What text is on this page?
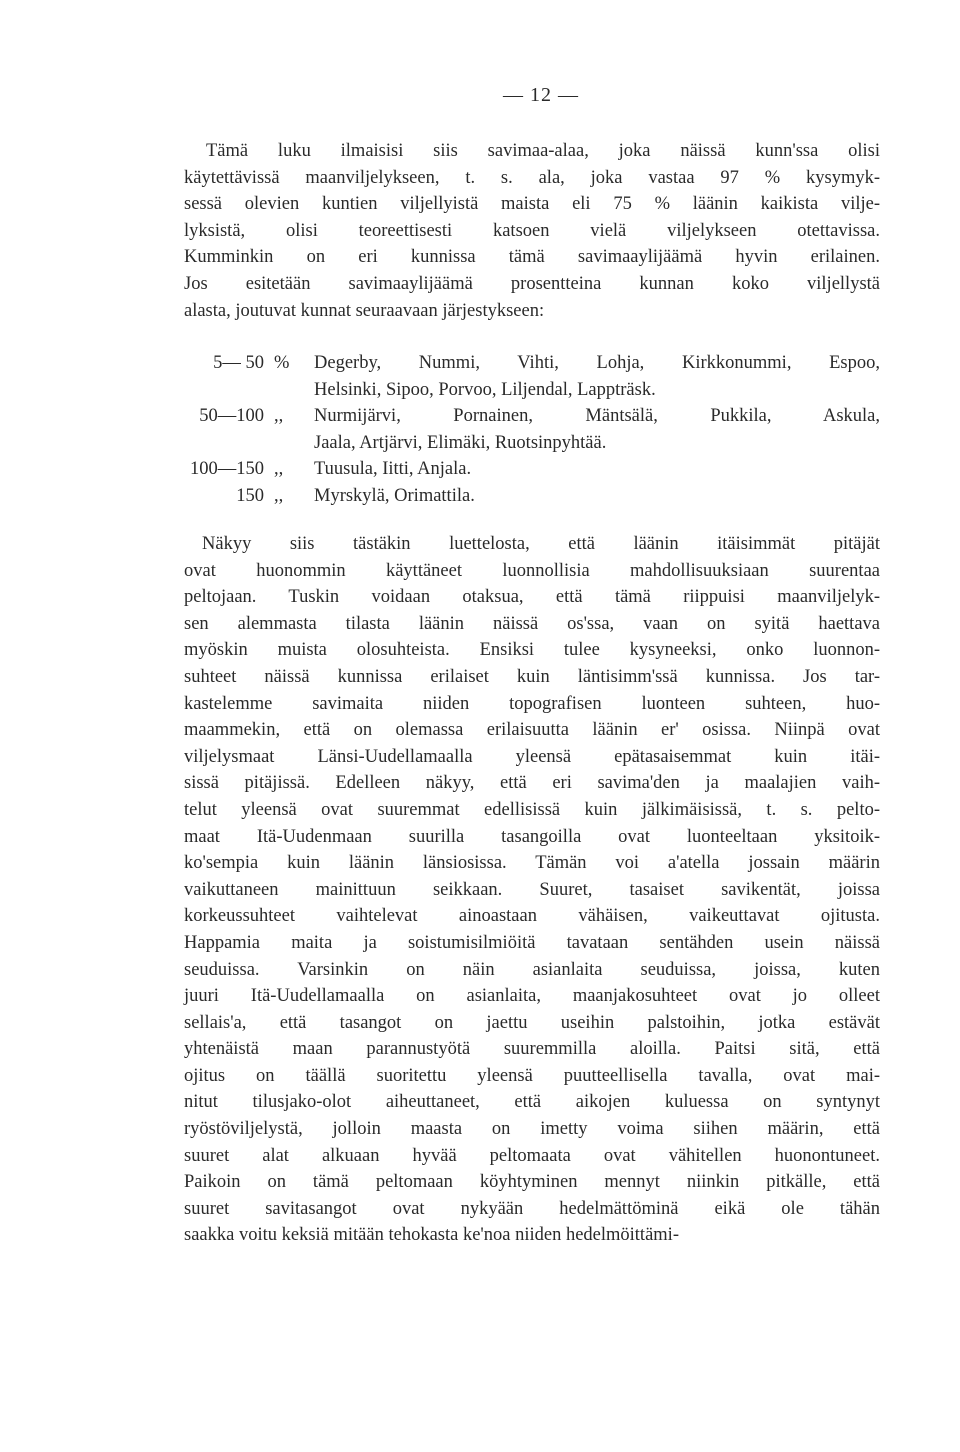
— 12 —
Tämä luku ilmaisisi siis savimaa-alaa, joka näissä kunn'ssa olisi
käytettävissä maanviljelykseen, t. s. ala, joka vastaa 97 % kysymyk-
sessä olevien kuntien viljellyistä maista eli 75 % läänin kaikista vilje-
lyksistä, olisi teoreettisesti katsoen vielä viljelykseen otettavissa.
Kumminkin on eri kunnissa tämä savimaaylijäämä hyvin erilainen.
Jos esitetään savimaaylijäämä prosentteina kunnan koko viljellystä
alasta, joutuvat kunnat seuraavaan järjestykseen:
5— 50 %	Degerby, Nummi, Vihti, Lohja, Kirkkonummi, Espoo,
Helsinki, Sipoo, Porvoo, Liljendal, Lappträsk.
50—100 ,,	Nurmijärvi, Pornainen, Mäntsälä, Pukkila, Askula,
Jaala, Artjärvi, Elimäki, Ruotsinpyhtää.
100—150 ,,	Tuusula, Iitti, Anjala.
150 ,,	Myrskylä, Orimattila.
Näkyy siis tästäkin luettelosta, että läänin itäisimmät pitäjät
ovat huonommin käyttäneet luonnollisia mahdollisuuksiaan suurentaa
peltojaan. Tuskin voidaan otaksua, että tämä riippuisi maanviljelyk-
sen alemmasta tilasta läänin näissä os'ssa, vaan on syitä haettava
myöskin muista olosuhteista. Ensiksi tulee kysyneeksi, onko luonnon-
suhteet näissä kunnissa erilaiset kuin läntisimm'ssä kunnissa. Jos tar-
kastelemme savimaita niiden topografisen luonteen suhteen, huo-
maammekin, että on olemassa erilaisuutta läänin er' osissa. Niinpä ovat
viljelysmaat Länsi-Uudellamaalla yleensä epätasaisemmat kuin itäi-
sissä pitäjissä. Edelleen näkyy, että eri savima'den ja maalajien vaih-
telut yleensä ovat suuremmat edellisissä kuin jälkimäisissä, t. s. pelto-
maat Itä-Uudenmaan suurilla tasangoilla ovat luonteeltaan yksitoik-
ko'sempia kuin läänin länsiosissa. Tämän voi a'atella jossain määrin
vaikuttaneen mainittuun seikkaan. Suuret, tasaiset savikentät, joissa
korkeussuhteet vaihtelevat ainoastaan vähäisen, vaikeuttavat ojitusta.
Happamia maita ja soistumisilmiöitä tavataan sentähden usein näissä
seuduissa. Varsinkin on näin asianlaita seuduissa, joissa, kuten
juuri Itä-Uudellamaalla on asianlaita, maanjakosuhteet ovat jo olleet
sellais'a, että tasangot on jaettu useihin palstoihin, jotka estävät
yhtenäistä maan parannustyötä suuremmilla aloilla. Paitsi sitä, että
ojitus on täällä suoritettu yleensä puutteellisella tavalla, ovat mai-
nitut tilusjako-olot aiheuttaneet, että aikojen kuluessa on syntynyt
ryöstöviljelystä, jolloin maasta on imetty voima siihen määrin, että
suuret alat alkuaan hyvää peltomaata ovat vähitellen huonontuneet.
Paikoin on tämä peltomaan köyhtyminen mennyt niinkin pitkälle, että
suuret savitasangot ovat nykyään hedelmättöminä eikä ole tähän
saakka voitu keksiä mitään tehokasta ke'noa niiden hedelmöittämi-
